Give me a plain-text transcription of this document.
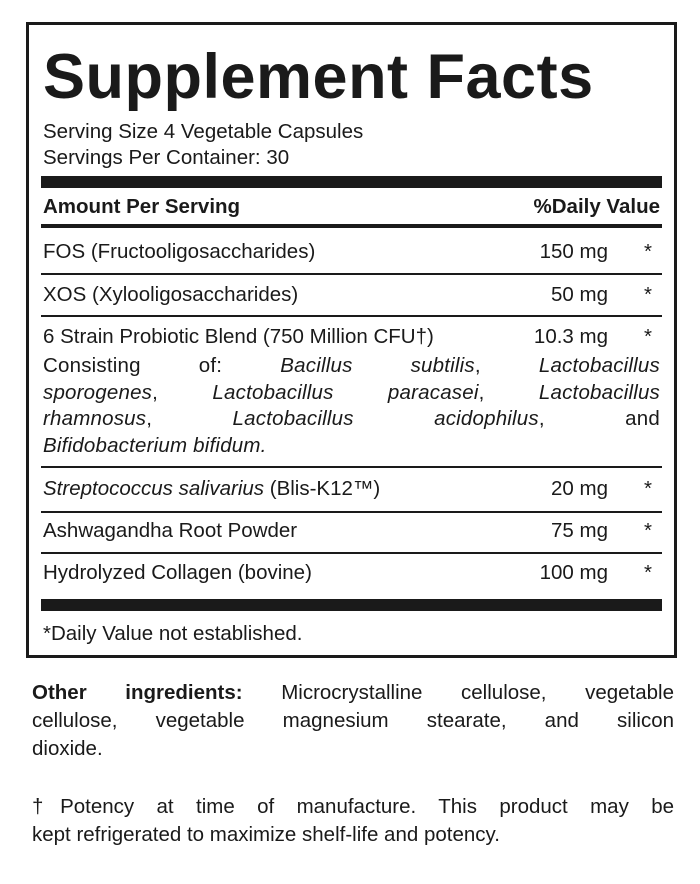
Supplement Facts
Serving Size 4 Vegetable Capsules
Servings Per Container: 30
Amount Per Serving	%Daily Value
FOS (Fructooligosaccharides)	150 mg *
XOS (Xylooligosaccharides)	50 mg *
6 Strain Probiotic Blend (750 Million CFU†)	10.3 mg *
Consisting of: Bacillus subtilis, Lactobacillus
sporogenes, Lactobacillus paracasei, Lactobacillus
rhamnosus, Lactobacillus acidophilus, and
Bifidobacterium bifidum.
Streptococcus salivarius (Blis-K12™)	20 mg *
Ashwagandha Root Powder	75 mg *
Hydrolyzed Collagen (bovine)	100 mg *
*Daily Value not established.
Other ingredients: Microcrystalline cellulose, vegetable
cellulose, vegetable magnesium stearate, and silicon
dioxide.
†Potency at time of manufacture. This product may be
kept refrigerated to maximize shelf-life and potency.
